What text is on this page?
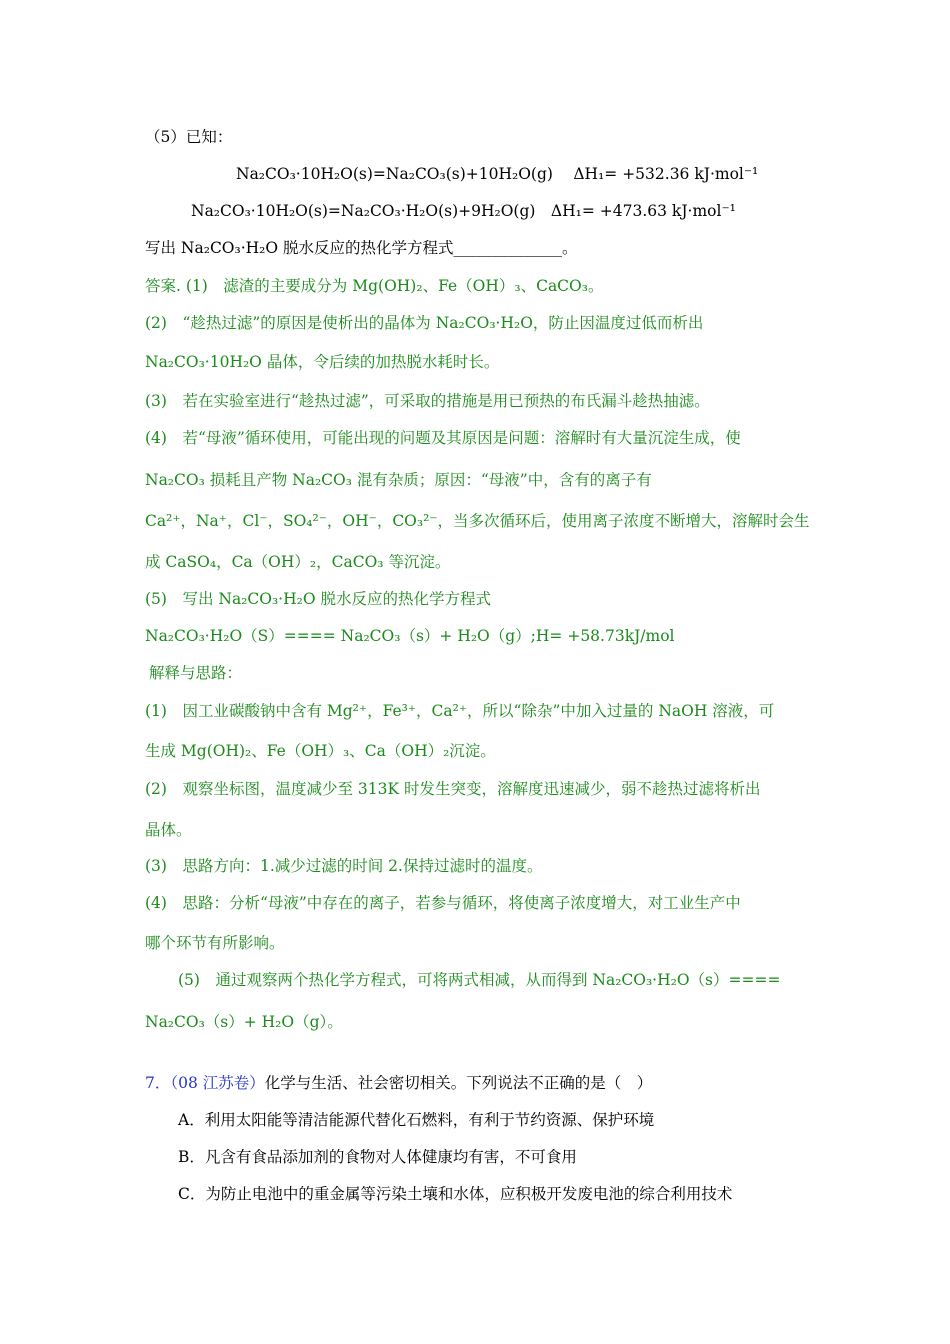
（5）已知：
Na₂CO₃·10H₂O(s)=Na₂CO₃(s)+10H₂O(g)　 ΔH₁= +532.36 kJ·mol⁻¹
Na₂CO₃·10H₂O(s)=Na₂CO₃·H₂O(s)+9H₂O(g)　ΔH₁= +473.63 kJ·mol⁻¹
写出 Na₂CO₃·H₂O 脱水反应的热化学方程式______________。
答案. (1)　滤渣的主要成分为 Mg(OH)₂、Fe（OH）₃、CaCO₃。
(2)　“趁热过滤”的原因是使析出的晶体为 Na₂CO₃·H₂O，防止因温度过低而析出
Na₂CO₃·10H₂O 晶体，令后续的加热脱水耗时长。
(3)　若在实验室进行“趁热过滤”，可采取的措施是用已预热的布氏漏斗趁热抽滤。
(4)　若“母液”循环使用，可能出现的问题及其原因是问题：溶解时有大量沉淀生成，使
Na₂CO₃ 损耗且产物 Na₂CO₃ 混有杂质；原因：“母液”中，含有的离子有
Ca²⁺，Na⁺，Cl⁻，SO₄²⁻，OH⁻，CO₃²⁻，当多次循环后，使用离子浓度不断增大，溶解时会生
成 CaSO₄，Ca（OH）₂，CaCO₃ 等沉淀。
(5)　写出 Na₂CO₃·H₂O 脱水反应的热化学方程式
Na₂CO₃·H₂O（S）==== Na₂CO₃（s）+ H₂O（g）;H= +58.73kJ/mol
解释与思路：
(1)　因工业碳酸钠中含有 Mg²⁺，Fe³⁺，Ca²⁺，所以“除杂”中加入过量的 NaOH 溶液，可
生成 Mg(OH)₂、Fe（OH）₃、Ca（OH）₂沉淀。
(2)　观察坐标图，温度减少至 313K 时发生突变，溶解度迅速减少，弱不趁热过滤将析出
晶体。
(3)　思路方向：1.减少过滤的时间 2.保持过滤时的温度。
(4)　思路：分析“母液”中存在的离子，若参与循环，将使离子浓度增大，对工业生产中
哪个环节有所影响。
(5)　通过观察两个热化学方程式，可将两式相减，从而得到 Na₂CO₃·H₂O（s）====
Na₂CO₃（s）+ H₂O（g）。
7．（08 江苏卷）化学与生活、社会密切相关。下列说法不正确的是（　）
A．利用太阳能等清洁能源代替化石燃料，有利于节约资源、保护环境
B．凡含有食品添加剂的食物对人体健康均有害，不可食用
C．为防止电池中的重金属等污染土壤和水体，应积极开发废电池的综合利用技术
